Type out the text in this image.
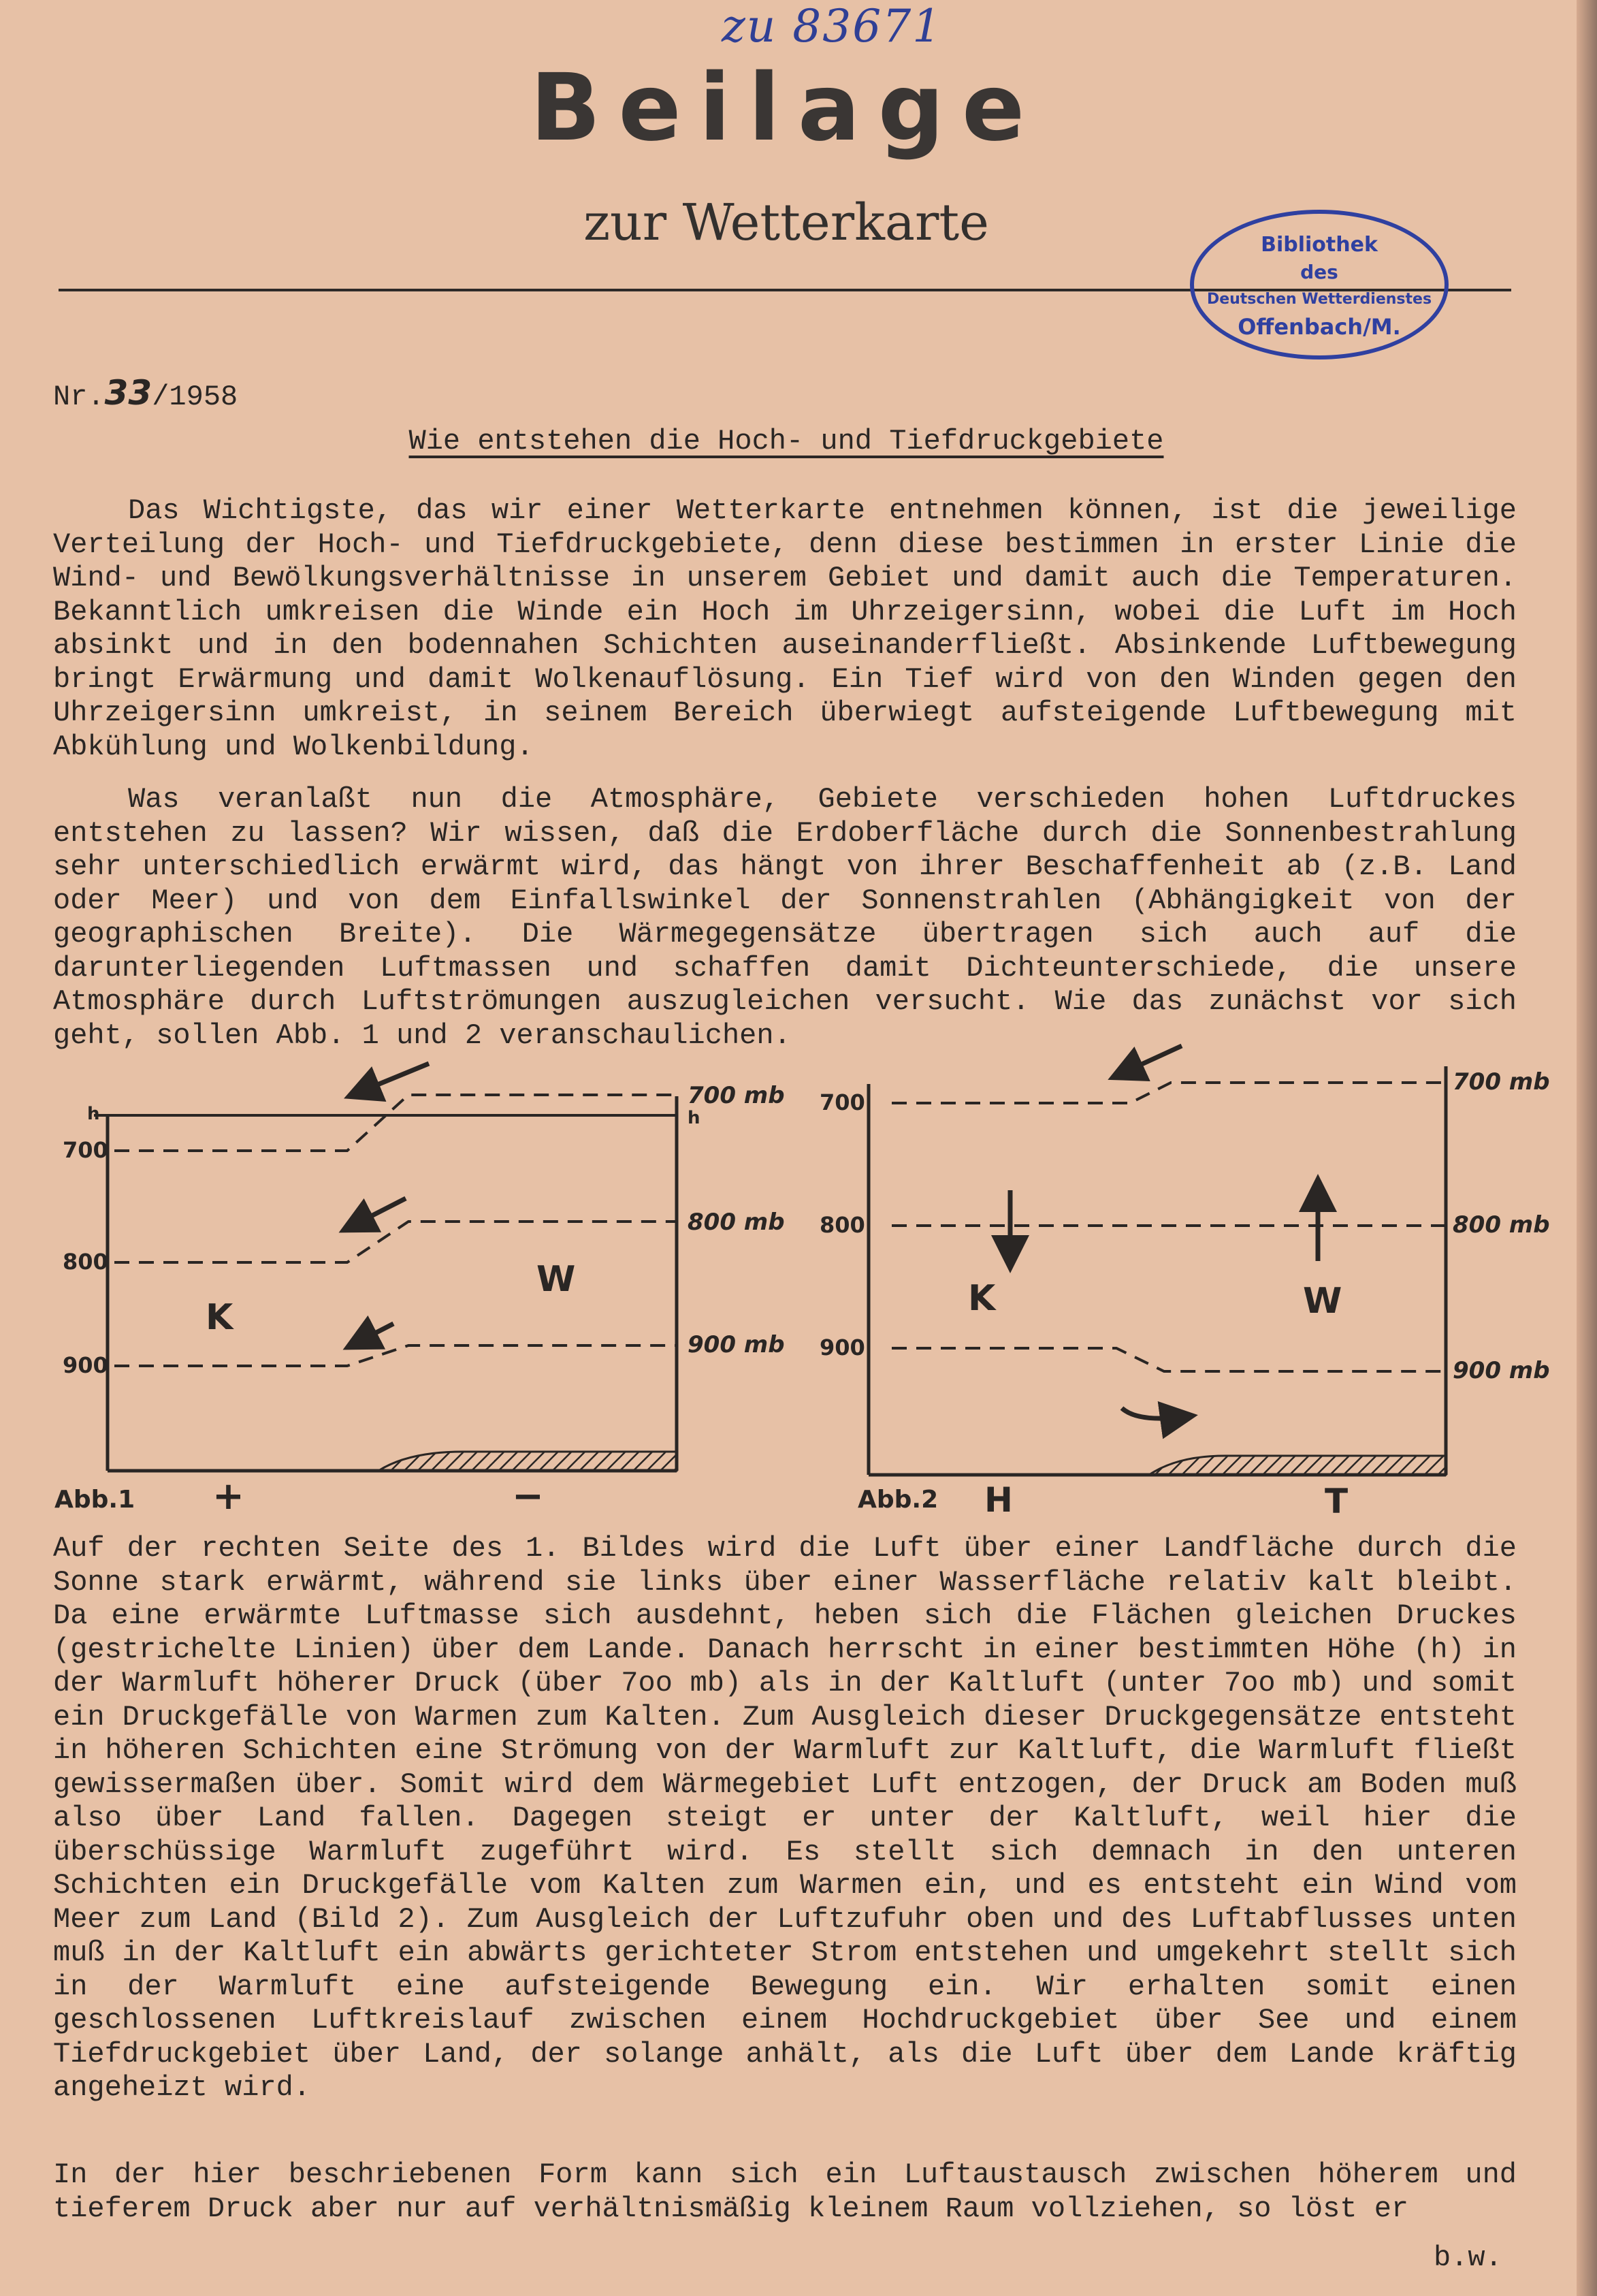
zu 83671
Beilage
zur Wetterkarte	Bibliothek
des
Deutschen Wetterdienstes
Offenbach/M.
Nr.33/1958
Wie entstehen die Hoch- und Tiefdruckgebiete

Das Wichtigste, das wir einer Wetterkarte entnehmen können, ist die jeweilige Verteilung der Hoch- und Tiefdruckgebiete, denn diese bestimmen in erster Linie die Wind- und Bewölkungsverhältnisse in unserem Gebiet und damit auch die Temperaturen. Bekanntlich umkreisen die Winde ein Hoch im Uhrzeigersinn, wobei die Luft im Hoch absinkt und in den bodennahen Schichten auseinanderfließt. Absinkende Luftbewegung bringt Erwärmung und damit Wolkenauflösung. Ein Tief wird von den Winden gegen den Uhrzeigersinn umkreist, in seinem Bereich überwiegt aufsteigende Luftbewegung mit Abkühlung und Wolkenbildung.

Was veranlaßt nun die Atmosphäre, Gebiete verschieden hohen Luftdruckes entstehen zu lassen? Wir wissen, daß die Erdoberfläche durch die Sonnenbestrahlung sehr unterschiedlich erwärmt wird, das hängt von ihrer Beschaffenheit ab (z.B. Land oder Meer) und von dem Einfallswinkel der Sonnenstrahlen (Abhängigkeit von der geographischen Breite). Die Wärmegegensätze übertragen sich auch auf die darunterliegenden Luftmassen und schaffen damit Dichteunterschiede, die unsere Atmosphäre durch Luftströmungen auszugleichen versucht. Wie das zunächst vor sich geht, sollen Abb. 1 und 2 veranschaulichen.

h
700
800
900
700 mb
h
800 mb
900 mb
K
W
Abb.1 +	−
700
800
900
700 mb
800 mb
900 mb
K	W
Abb.2 H	T

Auf der rechten Seite des 1. Bildes wird die Luft über einer Landfläche durch die Sonne stark erwärmt, während sie links über einer Wasserfläche relativ kalt bleibt. Da eine erwärmte Luftmasse sich ausdehnt, heben sich die Flächen gleichen Druckes (gestrichelte Linien) über dem Lande. Danach herrscht in einer bestimmten Höhe (h) in der Warmluft höherer Druck (über 7oo mb) als in der Kaltluft (unter 7oo mb) und somit ein Druckgefälle von Warmen zum Kalten. Zum Ausgleich dieser Druckgegensätze entsteht in höheren Schichten eine Strömung von der Warmluft zur Kaltluft, die Warmluft fließt gewissermaßen über. Somit wird dem Wärmegebiet Luft entzogen, der Druck am Boden muß also über Land fallen. Dagegen steigt er unter der Kaltluft, weil hier die überschüssige Warmluft zugeführt wird. Es stellt sich demnach in den unteren Schichten ein Druckgefälle vom Kalten zum Warmen ein, und es entsteht ein Wind vom Meer zum Land (Bild 2). Zum Ausgleich der Luftzufuhr oben und des Luftabflusses unten muß in der Kaltluft ein abwärts gerichteter Strom entstehen und umgekehrt stellt sich in der Warmluft eine aufsteigende Bewegung ein. Wir erhalten somit einen geschlossenen Luftkreislauf zwischen einem Hochdruckgebiet über See und einem Tiefdruckgebiet über Land, der solange anhält, als die Luft über dem Lande kräftig angeheizt wird.

In der hier beschriebenen Form kann sich ein Luftaustausch zwischen höherem und tieferem Druck aber nur auf verhältnismäßig kleinem Raum vollziehen, so löst er

b.w.
